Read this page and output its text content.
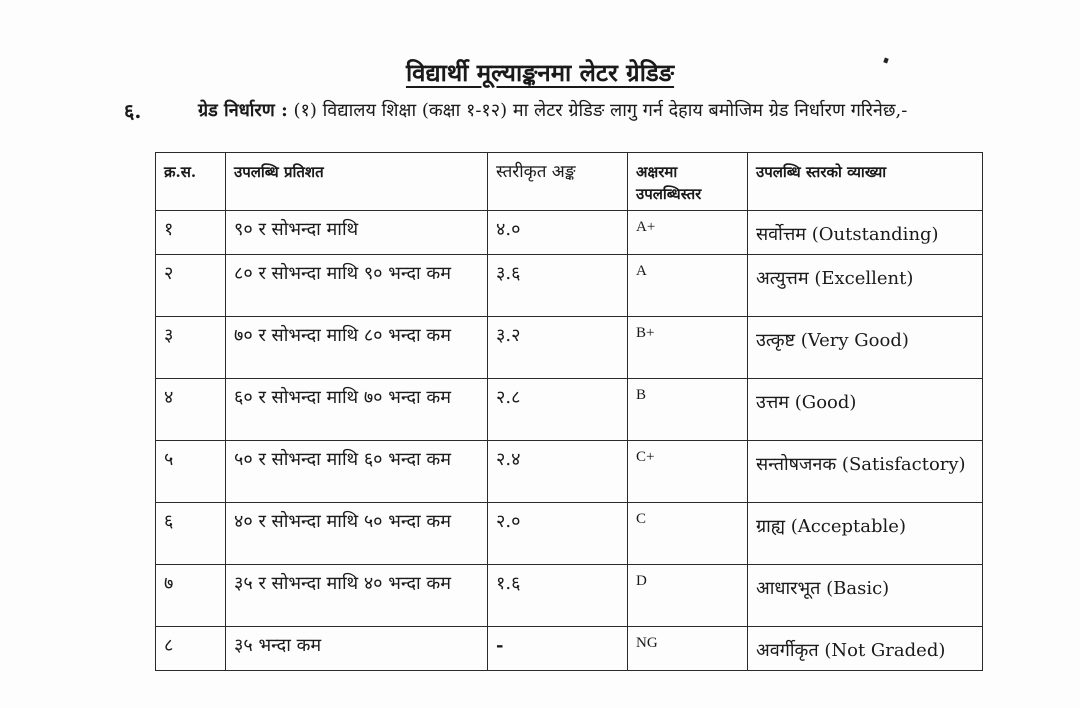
विद्यार्थी मूल्याङ्कनमा लेटर ग्रेडिङ
६.	ग्रेड निर्धारण : (१) विद्यालय शिक्षा (कक्षा १-१२) मा लेटर ग्रेडिङ लागु गर्न देहाय बमोजिम ग्रेड निर्धारण गरिनेछ,-
क्र.स.	उपलब्धि प्रतिशत	स्तरीकृत अङ्क	अक्षरमा उपलब्धिस्तर	उपलब्धि स्तरको व्याख्या
१	९० र सोभन्दा माथि	४.०	A+	सर्वोत्तम (Outstanding)
२	८० र सोभन्दा माथि ९० भन्दा कम	३.६	A	अत्युत्तम (Excellent)
३	७० र सोभन्दा माथि ८० भन्दा कम	३.२	B+	उत्कृष्ट (Very Good)
४	६० र सोभन्दा माथि ७० भन्दा कम	२.८	B	उत्तम (Good)
५	५० र सोभन्दा माथि ६० भन्दा कम	२.४	C+	सन्तोषजनक (Satisfactory)
६	४० र सोभन्दा माथि ५० भन्दा कम	२.०	C	ग्राह्य (Acceptable)
७	३५ र सोभन्दा माथि ४० भन्दा कम	१.६	D	आधारभूत (Basic)
८	३५ भन्दा कम	-	NG	अवर्गीकृत (Not Graded)
